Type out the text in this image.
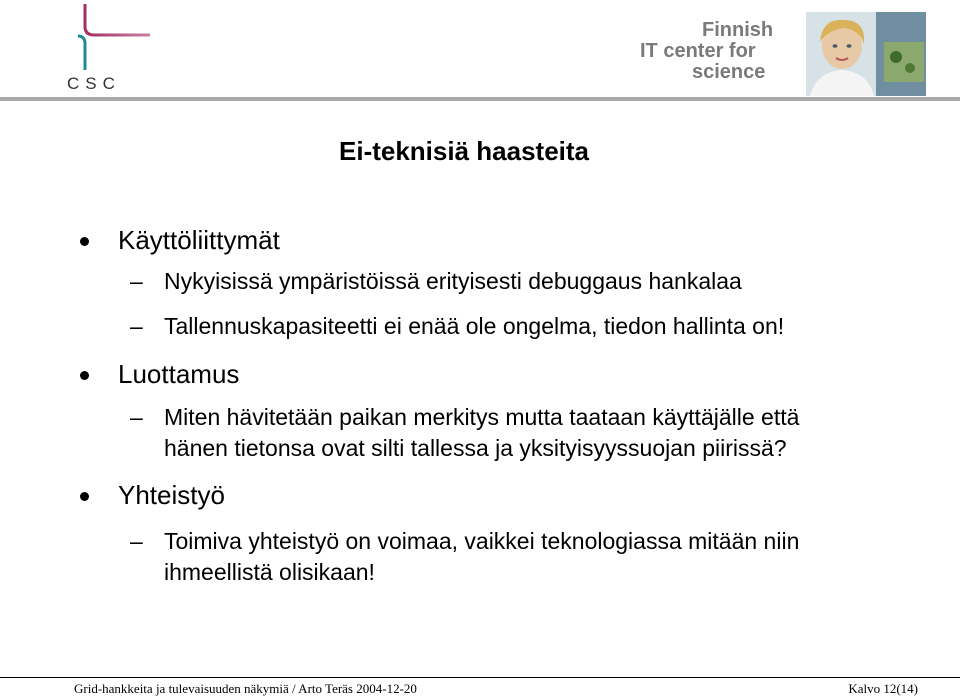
CSC
Finnish
IT center for
science
Ei-teknisiä haasteita
Käyttöliittymät
– Nykyisissä ympäristöissä erityisesti debuggaus hankalaa
– Tallennuskapasiteetti ei enää ole ongelma, tiedon hallinta on!
Luottamus
– Miten hävitetään paikan merkitys mutta taataan käyttäjälle että
hänen tietonsa ovat silti tallessa ja yksityisyyssuojan piirissä?
Yhteistyö
– Toimiva yhteistyö on voimaa, vaikkei teknologiassa mitään niin
ihmeellistä olisikaan!
Grid-hankkeita ja tulevaisuuden näkymiä / Arto Teräs 2004-12-20	Kalvo 12(14)
